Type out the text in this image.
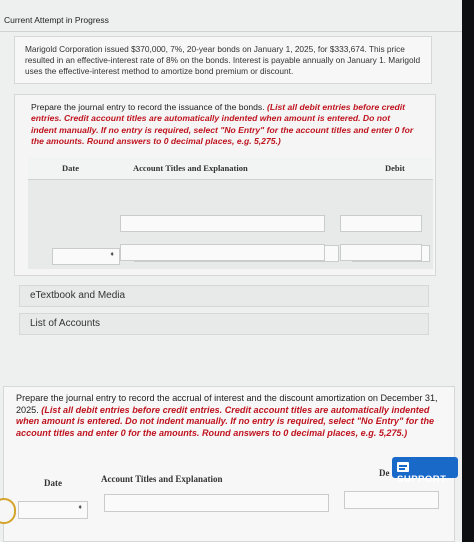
Current Attempt in Progress

Marigold Corporation issued $370,000, 7%, 20-year bonds on January 1, 2025, for $333,674. This price resulted in an effective-interest rate of 8% on the bonds. Interest is payable annually on January 1. Marigold uses the effective-interest method to amortize bond premium or discount.

Prepare the journal entry to record the issuance of the bonds. (List all debit entries before credit entries. Credit account titles are automatically indented when amount is entered. Do not indent manually. If no entry is required, select "No Entry" for the account titles and enter 0 for the amounts. Round answers to 0 decimal places, e.g. 5,275.)
Date	Account Titles and Explanation	Debit
♦
eTextbook and Media
List of Accounts
Prepare the journal entry to record the accrual of interest and the discount amortization on December 31, 2025. (List all debit entries before credit entries. Credit account titles are automatically indented when amount is entered. Do not indent manually. If no entry is required, select "No Entry" for the account titles and enter 0 for the amounts. Round answers to 0 decimal places, e.g. 5,275.)
Date	Account Titles and Explanation
De
♦
SUPPORT
